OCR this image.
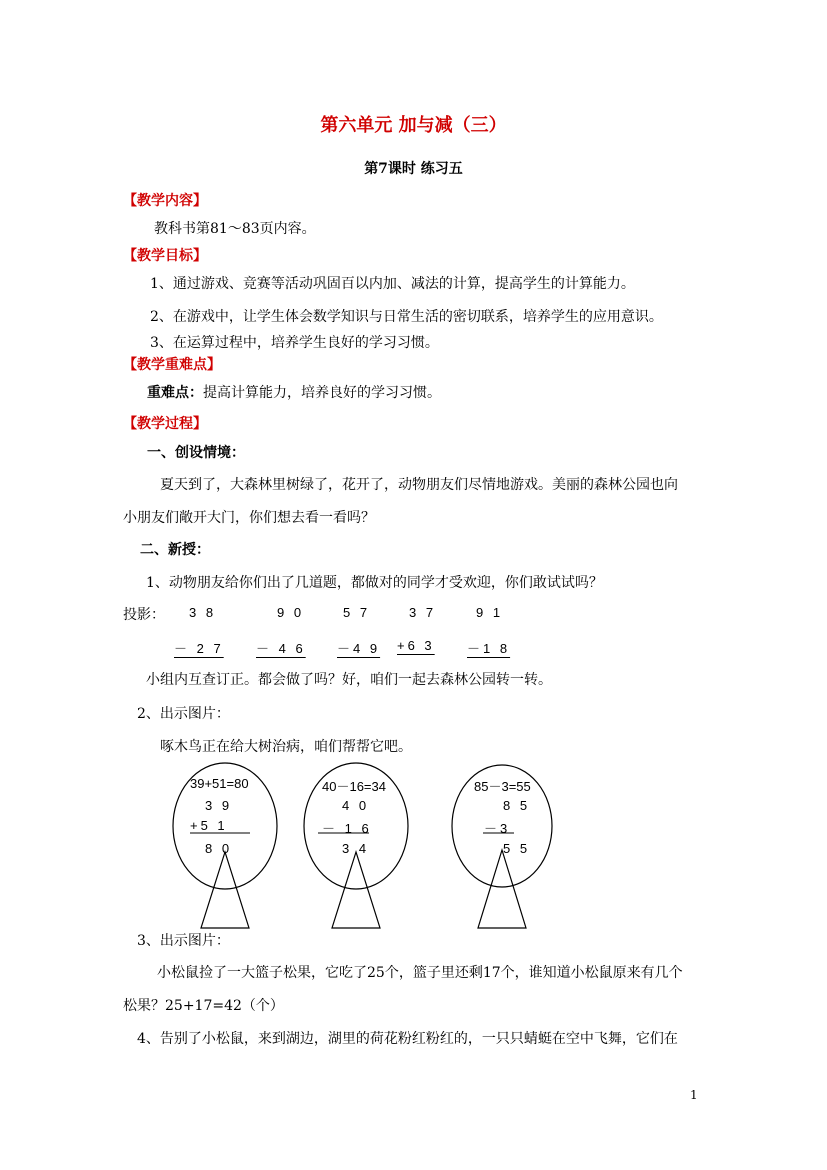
第六单元 加与减（三）
第7课时 练习五
【教学内容】
教科书第81～83页内容。
【教学目标】
1、通过游戏、竞赛等活动巩固百以内加、减法的计算，提高学生的计算能力。
2、在游戏中，让学生体会数学知识与日常生活的密切联系，培养学生的应用意识。
3、在运算过程中，培养学生良好的学习习惯。
【教学重难点】
重难点：提高计算能力，培养良好的学习习惯。
【教学过程】
一、创设情境：
夏天到了，大森林里树绿了，花开了，动物朋友们尽情地游戏。美丽的森林公园也向
小朋友们敞开大门，你们想去看一看吗？
二、新授：
1、动物朋友给你们出了几道题，都做对的同学才受欢迎，你们敢试试吗？
投影： 3 8	9 0	5 7	3 7	9 1
－ 2 7 － 4 6 －4 9 +6 3 －1 8
小组内互查订正。都会做了吗？好，咱们一起去森林公园转一转。
2、出示图片：
啄木鸟正在给大树治病，咱们帮帮它吧。
39+51=80
3 9
+5 1
8 0
40－16=34
4 0
－ 1 6
3 4
85－3=55
8 5
－3
5 5
3、出示图片：
小松鼠捡了一大篮子松果，它吃了25个，篮子里还剩17个，谁知道小松鼠原来有几个
松果？25+17=42（个）
4、告别了小松鼠，来到湖边，湖里的荷花粉红粉红的，一只只蜻蜓在空中飞舞，它们在
1
